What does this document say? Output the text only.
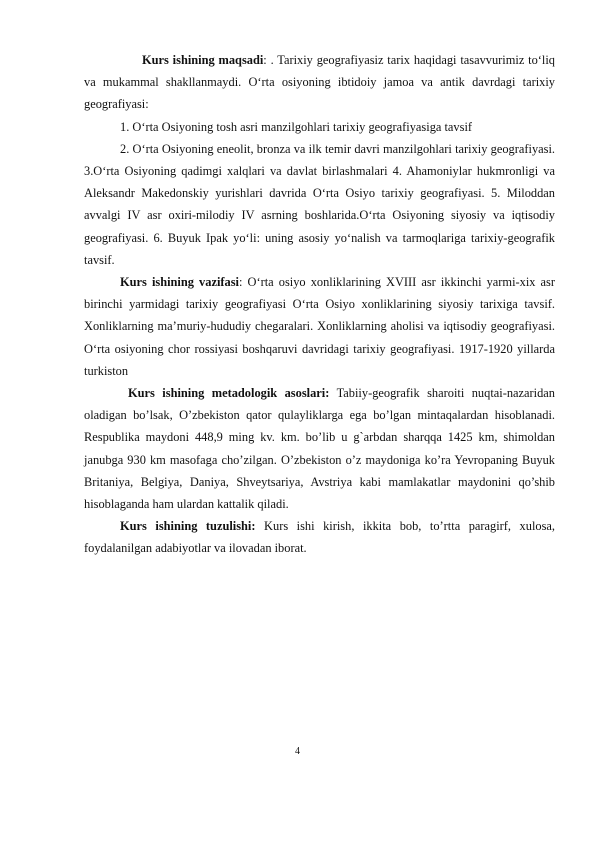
Kurs ishining maqsadi: . Tarixiy geografiyasiz tarix haqidagi tasavvurimiz to‘liq va mukammal shakllanmaydi. O‘rta osiyoning ibtidoiy jamoa va antik davrdagi tarixiy geografiyasi:

1. O‘rta Osiyoning tosh asri manzilgohlari tarixiy geografiyasiga tavsif

2. O‘rta Osiyoning eneolit, bronza va ilk temir davri manzilgohlari tarixiy geografiyasi. 3.O‘rta Osiyoning qadimgi xalqlari va davlat birlashmalari 4. Ahamoniylar hukmronligi va Aleksandr Makedonskiy yurishlari davrida O‘rta Osiyo tarixiy geografiyasi. 5. Miloddan avvalgi IV asr oxiri-milodiy IV asrning boshlarida.O‘rta Osiyoning siyosiy va iqtisodiy geografiyasi. 6. Buyuk Ipak yo‘li: uning asosiy yo‘nalish va tarmoqlariga tarixiy-geografik tavsif.

Kurs ishining vazifasi: O‘rta osiyo xonliklarining XVIII asr ikkinchi yarmi-xix asr birinchi yarmidagi tarixiy geografiyasi O‘rta Osiyo xonliklarining siyosiy tarixiga tavsif. Xonliklarning ma’muriy-hududiy chegaralari. Xonliklarning aholisi va iqtisodiy geografiyasi. O‘rta osiyoning chor rossiyasi boshqaruvi davridagi tarixiy geografiyasi. 1917-1920 yillarda turkiston

Kurs ishining metadologik asoslari: Tabiiy-geografik sharoiti nuqtai-nazaridan oladigan bo’lsak, O’zbekiston qator qulayliklarga ega bo’lgan mintaqalardan hisoblanadi. Respublika maydoni 448,9 ming kv. km. bo’lib u g`arbdan sharqqa 1425 km, shimoldan janubga 930 km masofaga cho’zilgan. O’zbekiston o’z maydoniga ko’ra Yevropaning Buyuk Britaniya, Belgiya, Daniya, Shveytsariya, Avstriya kabi mamlakatlar maydonini qo’shib hisoblaganda ham ulardan kattalik qiladi.

Kurs ishining tuzulishi: Kurs ishi kirish, ikkita bob, to’rtta paragirf, xulosa, foydalanilgan adabiyotlar va ilovadan iborat.

4
